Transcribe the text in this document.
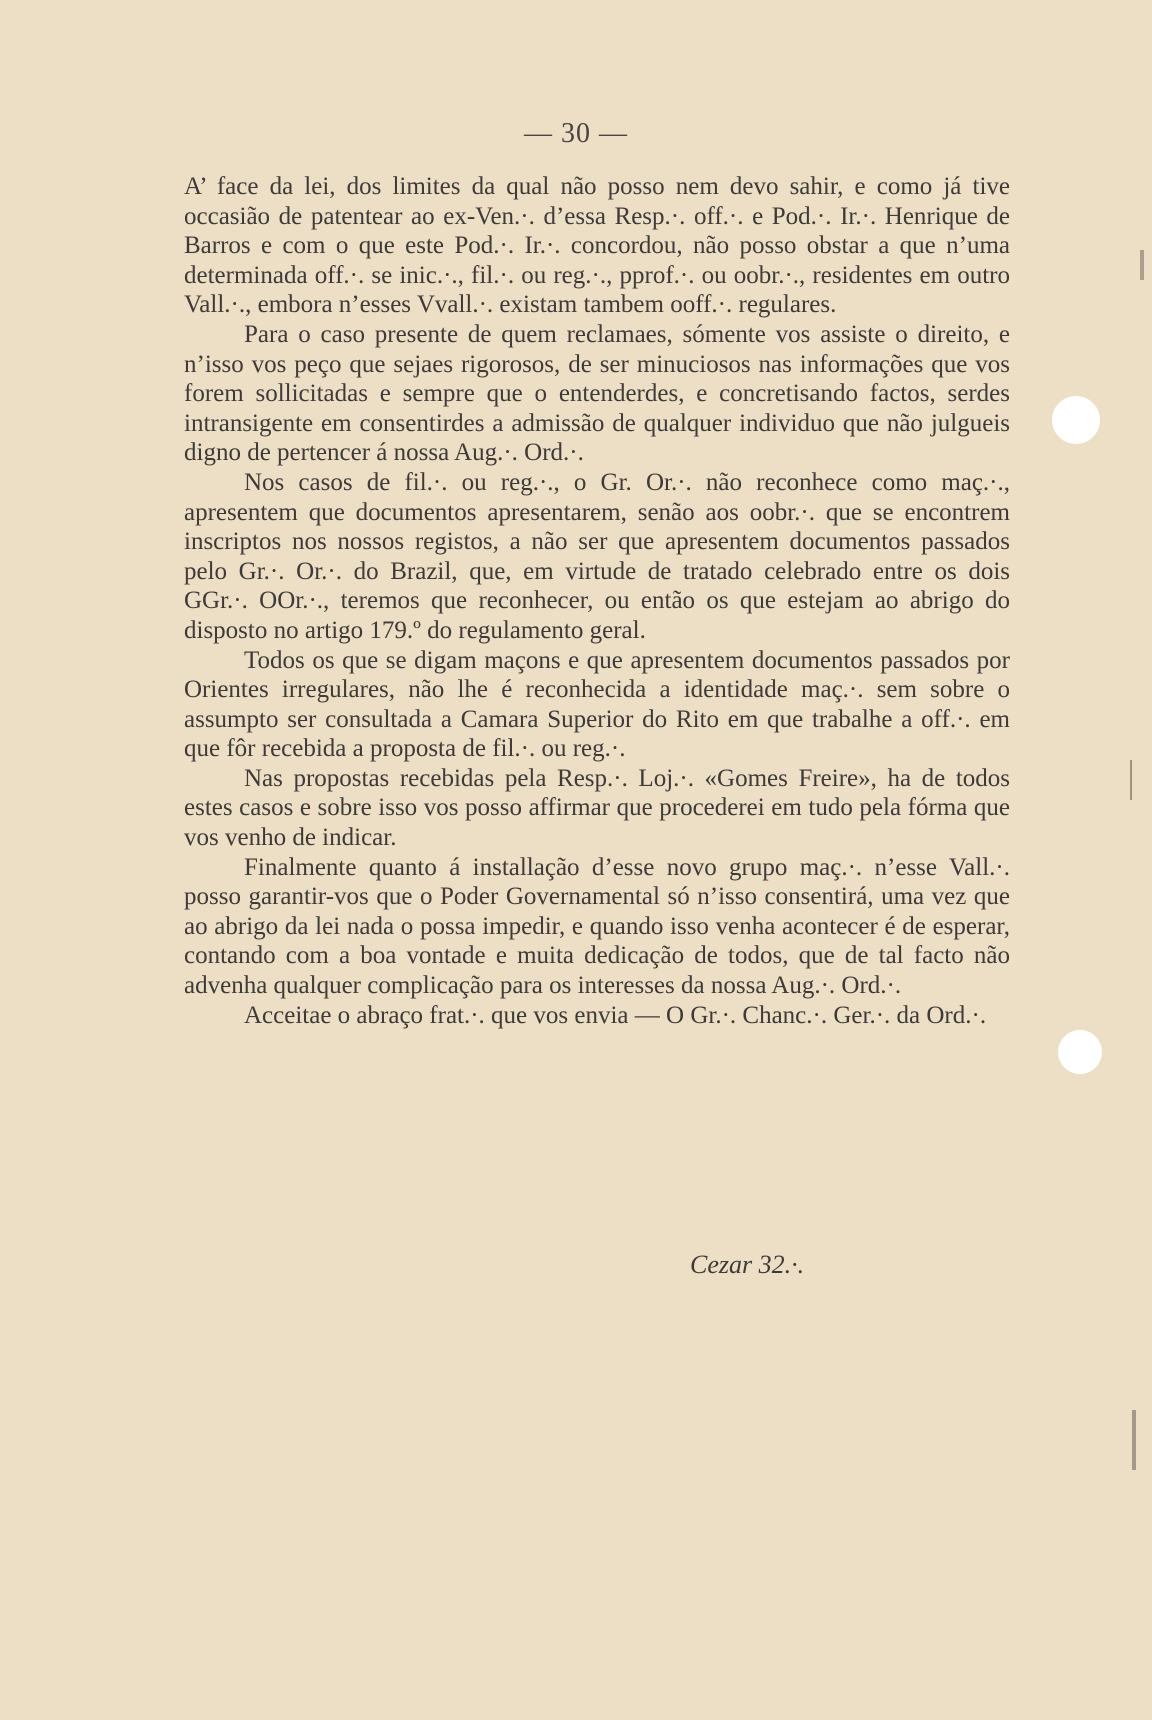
— 30 —

A’ face da lei, dos limites da qual não posso nem devo sahir, e como já tive occasião de patentear ao ex-Ven.·. d’essa Resp.·. off.·. e Pod.·. Ir.·. Henrique de Barros e com o que este Pod.·. Ir.·. concordou, não posso obstar a que n’uma determinada off.·. se inic.·., fil.·. ou reg.·., pprof.·. ou oobr.·., residentes em outro Vall.·., embora n’esses Vvall.·. existam tambem ooff.·. regulares.

Para o caso presente de quem reclamaes, sómente vos assiste o direito, e n’isso vos peço que sejaes rigorosos, de ser minuciosos nas informações que vos forem sollicitadas e sempre que o entenderdes, e concretisando factos, serdes intransigente em consentirdes a admissão de qualquer individuo que não julgueis digno de pertencer á nossa Aug.·. Ord.·.

Nos casos de fil.·. ou reg.·., o Gr. Or.·. não reconhece como maç.·., apresentem que documentos apresentarem, senão aos oobr.·. que se encontrem inscriptos nos nossos registos, a não ser que apresentem documentos passados pelo Gr.·. Or.·. do Brazil, que, em virtude de tratado celebrado entre os dois GGr.·. OOr.·., teremos que reconhecer, ou então os que estejam ao abrigo do disposto no artigo 179.º do regulamento geral.

Todos os que se digam maçons e que apresentem documentos passados por Orientes irregulares, não lhe é reconhecida a identidade maç.·. sem sobre o assumpto ser consultada a Camara Superior do Rito em que trabalhe a off.·. em que fôr recebida a proposta de fil.·. ou reg.·.

Nas propostas recebidas pela Resp.·. Loj.·. «Gomes Freire», ha de todos estes casos e sobre isso vos posso affirmar que procederei em tudo pela fórma que vos venho de indicar.

Finalmente quanto á installação d’esse novo grupo maç.·. n’esse Vall.·. posso garantir-vos que o Poder Governamental só n’isso consentirá, uma vez que ao abrigo da lei nada o possa impedir, e quando isso venha acontecer é de esperar, contando com a boa vontade e muita dedicação de todos, que de tal facto não advenha qualquer complicação para os interesses da nossa Aug.·. Ord.·.

Acceitae o abraço frat.·. que vos envia — O Gr.·. Chanc.·. Ger.·. da Ord.·.

Cezar 32.·.
